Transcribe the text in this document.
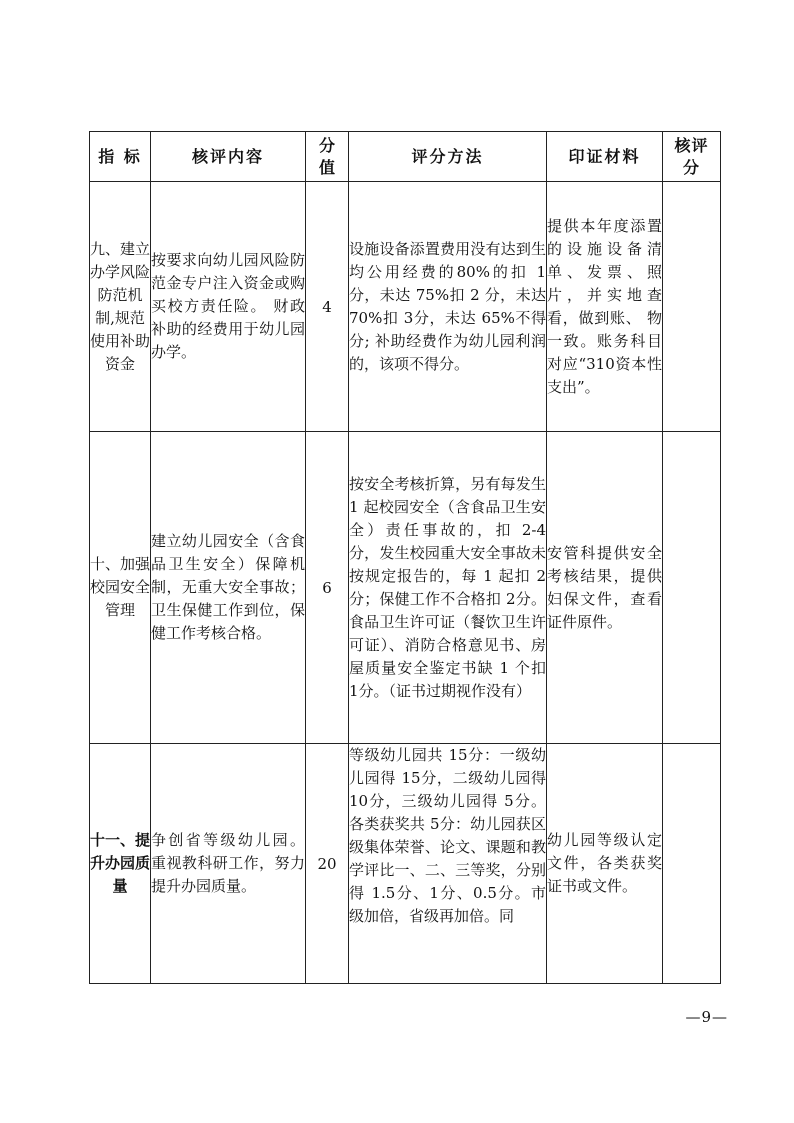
指 标	核评内容	分值	评分方法	印证材料	核评分
九、建立办学风险防范机制,规范使用补助资金	按要求向幼儿园风险防范金专户注入资金或购买校方责任险。 财政补助的经费用于幼儿园办学。	4	设施设备添置费用没有达到生均公用经费的80%的扣 1分，未达 75%扣 2 分，未达 70%扣 3分，未达 65%不得分; 补助经费作为幼儿园利润的，该项不得分。	提供本年度添置的设施设备清单、发票、照片，并实地查看，做到账、 物一致。账务科目对应“310资本性支出”。	
十、加强校园安全管理	建立幼儿园安全（含食品卫生安全）保障机制，无重大安全事故；卫生保健工作到位，保健工作考核合格。	6	按安全考核折算，另有每发生 1 起校园安全（含食品卫生安全）责任事故的，扣 2-4 分，发生校园重大安全事故未按规定报告的，每 1 起扣 2分；保健工作不合格扣 2分。食品卫生许可证（餐饮卫生许可证）、消防合格意见书、房屋质量安全鉴定书缺 1 个扣 1分。（证书过期视作没有）	安管科提供安全考核结果，提供妇保文件，查看证件原件。	
十一、提升办园质量	争创省等级幼儿园。 重视教科研工作，努力提升办园质量。	20	等级幼儿园共 15分：一级幼儿园得 15分，二级幼儿园得 10分，三级幼儿园得 5分。 各类获奖共 5分：幼儿园获区级集体荣誉、论文、课题和教学评比一、二、三等奖，分别得 1.5分、1分、0.5分。市级加倍，省级再加倍。同	幼儿园等级认定文件，各类获奖证书或文件。	
—9—
